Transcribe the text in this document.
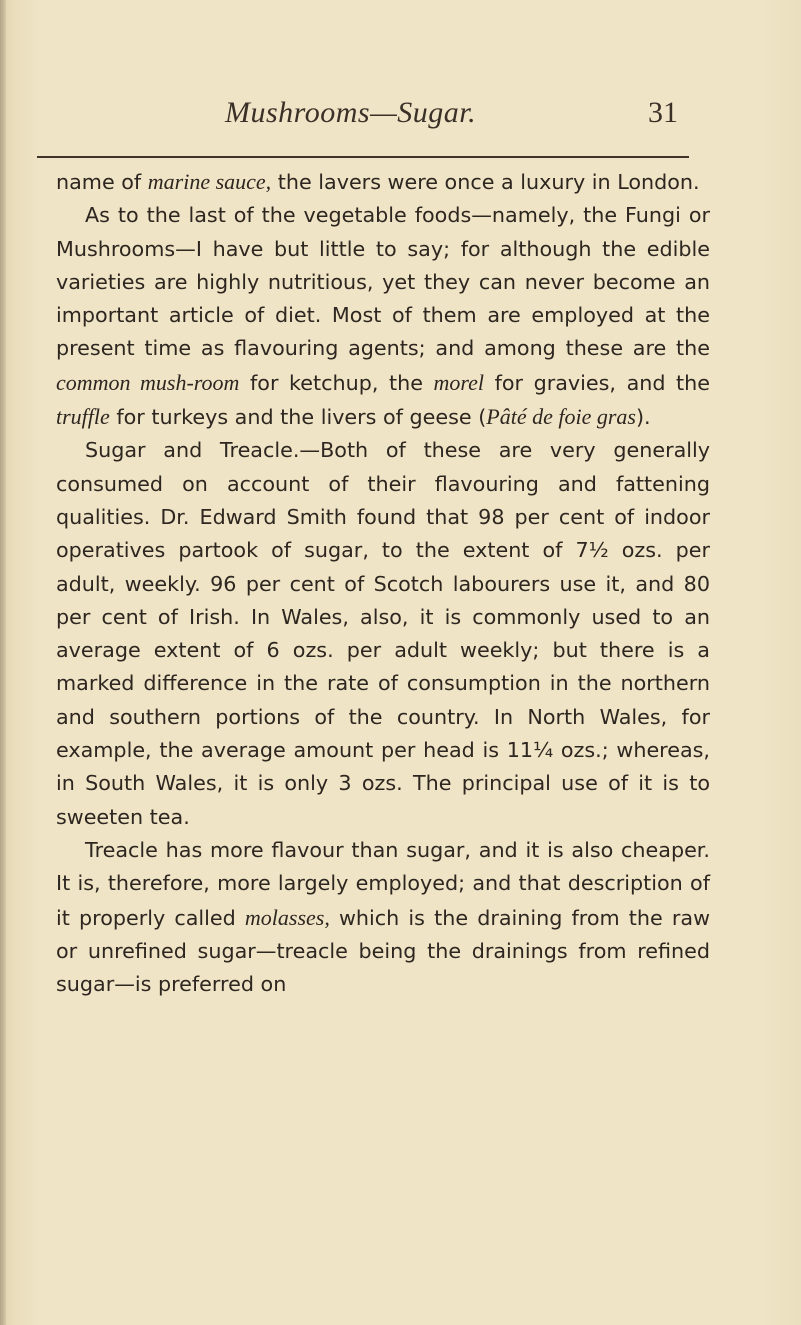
Mushrooms—Sugar.	31

name of marine sauce, the lavers were once a luxury in London.

As to the last of the vegetable foods—namely, the Fungi or Mushrooms—I have but little to say; for although the edible varieties are highly nutritious, yet they can never become an important article of diet. Most of them are employed at the present time as flavouring agents; and among these are the common mush-room for ketchup, the morel for gravies, and the truffle for turkeys and the livers of geese (Pâté de foie gras).

Sugar and Treacle.—Both of these are very generally consumed on account of their flavouring and fattening qualities. Dr. Edward Smith found that 98 per cent of indoor operatives partook of sugar, to the extent of 7½ ozs. per adult, weekly. 96 per cent of Scotch labourers use it, and 80 per cent of Irish. In Wales, also, it is commonly used to an average extent of 6 ozs. per adult weekly; but there is a marked difference in the rate of consumption in the northern and southern portions of the country. In North Wales, for example, the average amount per head is 11¼ ozs.; whereas, in South Wales, it is only 3 ozs. The principal use of it is to sweeten tea.

Treacle has more flavour than sugar, and it is also cheaper. It is, therefore, more largely employed; and that description of it properly called molasses, which is the draining from the raw or unrefined sugar—treacle being the drainings from refined sugar—is preferred on
